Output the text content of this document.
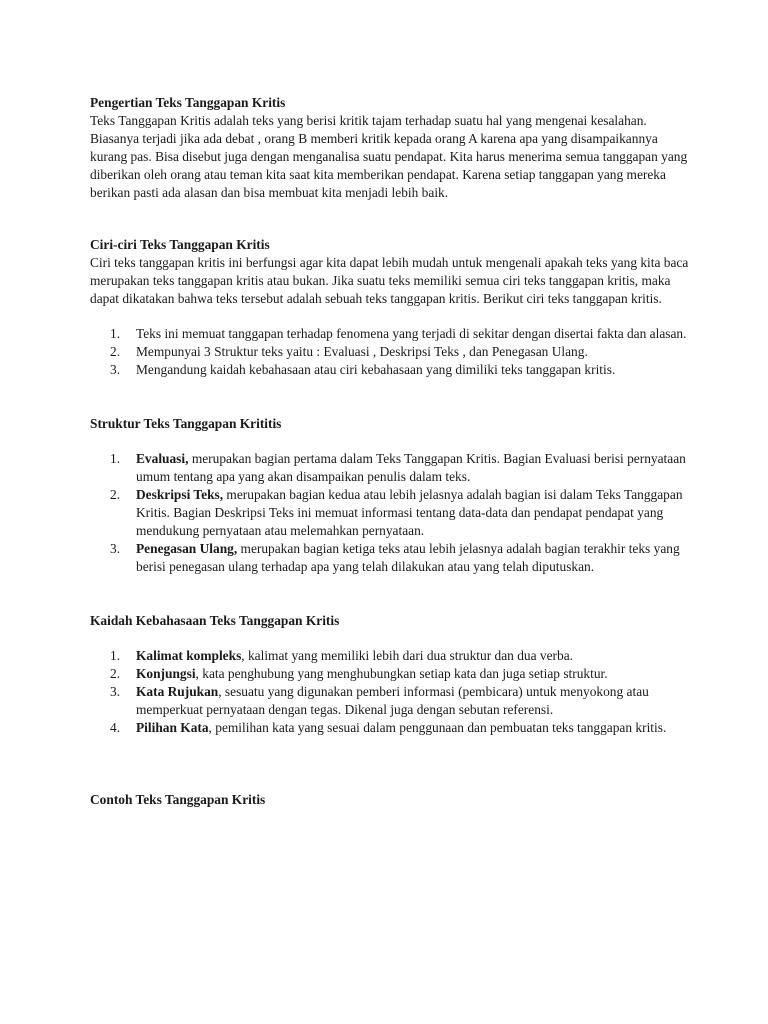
Pengertian Teks Tanggapan Kritis

Teks Tanggapan Kritis adalah teks yang berisi kritik tajam terhadap suatu hal yang mengenai kesalahan. Biasanya terjadi jika ada debat , orang B memberi kritik kepada orang A karena apa yang disampaikannya kurang pas. Bisa disebut juga dengan menganalisa suatu pendapat. Kita harus menerima semua tanggapan yang diberikan oleh orang atau teman kita saat kita memberikan pendapat. Karena setiap tanggapan yang mereka berikan pasti ada alasan dan bisa membuat kita menjadi lebih baik.

Ciri-ciri Teks Tanggapan Kritis

Ciri teks tanggapan kritis ini berfungsi agar kita dapat lebih mudah untuk mengenali apakah teks yang kita baca merupakan teks tanggapan kritis atau bukan. Jika suatu teks memiliki semua ciri teks tanggapan kritis, maka dapat dikatakan bahwa teks tersebut adalah sebuah teks tanggapan kritis. Berikut ciri teks tanggapan kritis.

1. Teks ini memuat tanggapan terhadap fenomena yang terjadi di sekitar dengan disertai fakta dan alasan.
2. Mempunyai 3 Struktur teks yaitu : Evaluasi , Deskripsi Teks , dan Penegasan Ulang.
3. Mengandung kaidah kebahasaan atau ciri kebahasaan yang dimiliki teks tanggapan kritis.

Struktur Teks Tanggapan Krititis

1. Evaluasi, merupakan bagian pertama dalam Teks Tanggapan Kritis. Bagian Evaluasi berisi pernyataan umum tentang apa yang akan disampaikan penulis dalam teks.
2. Deskripsi Teks, merupakan bagian kedua atau lebih jelasnya adalah bagian isi dalam Teks Tanggapan Kritis. Bagian Deskripsi Teks ini memuat informasi tentang data-data dan pendapat pendapat yang mendukung pernyataan atau melemahkan pernyataan.
3. Penegasan Ulang, merupakan bagian ketiga teks atau lebih jelasnya adalah bagian terakhir teks yang berisi penegasan ulang terhadap apa yang telah dilakukan atau yang telah diputuskan.

Kaidah Kebahasaan Teks Tanggapan Kritis

1. Kalimat kompleks, kalimat yang memiliki lebih dari dua struktur dan dua verba.
2. Konjungsi, kata penghubung yang menghubungkan setiap kata dan juga setiap struktur.
3. Kata Rujukan, sesuatu yang digunakan pemberi informasi (pembicara) untuk menyokong atau memperkuat pernyataan dengan tegas. Dikenal juga dengan sebutan referensi.
4. Pilihan Kata, pemilihan kata yang sesuai dalam penggunaan dan pembuatan teks tanggapan kritis.

Contoh Teks Tanggapan Kritis
